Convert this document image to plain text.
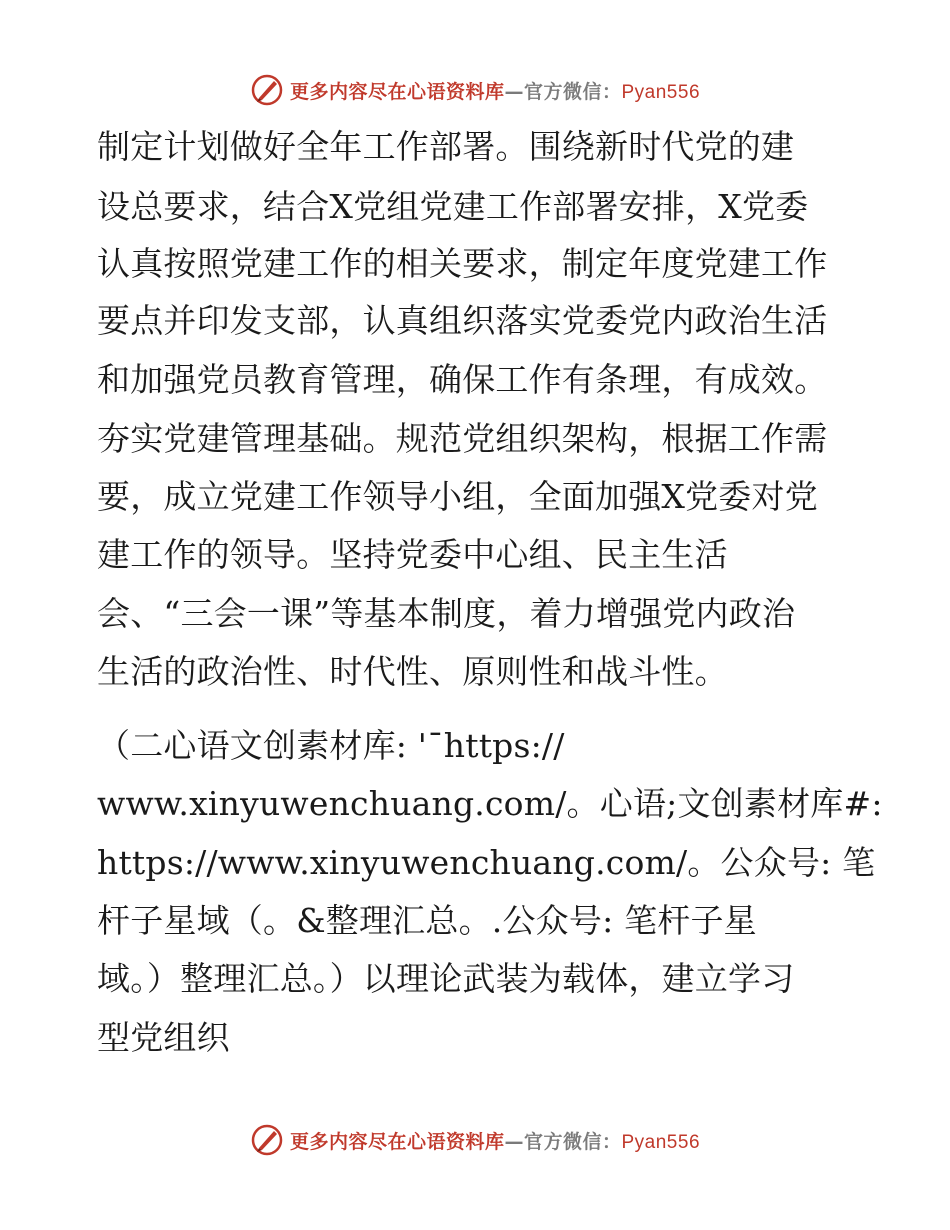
更多内容尽在心语资料库—官方微信：Pyan556
制定计划做好全年工作部署。围绕新时代党的建
设总要求，结合X党组党建工作部署安排，X党委
认真按照党建工作的相关要求，制定年度党建工作
要点并印发支部，认真组织落实党委党内政治生活
和加强党员教育管理，确保工作有条理，有成效。
夯实党建管理基础。规范党组织架构，根据工作需
要，成立党建工作领导小组，全面加强X党委对党
建工作的领导。坚持党委中心组、民主生活
会、“三会一课”等基本制度，着力增强党内政治
生活的政治性、时代性、原则性和战斗性。
（二心语文创素材库: '¯https://
www.xinyuwenchuang.com/。心语;文创素材库#:
https://www.xinyuwenchuang.com/。公众号: 笔
杆子星域（。&整理汇总。.公众号: 笔杆子星
域。）整理汇总。）以理论武装为载体，建立学习
型党组织
更多内容尽在心语资料库—官方微信：Pyan556
